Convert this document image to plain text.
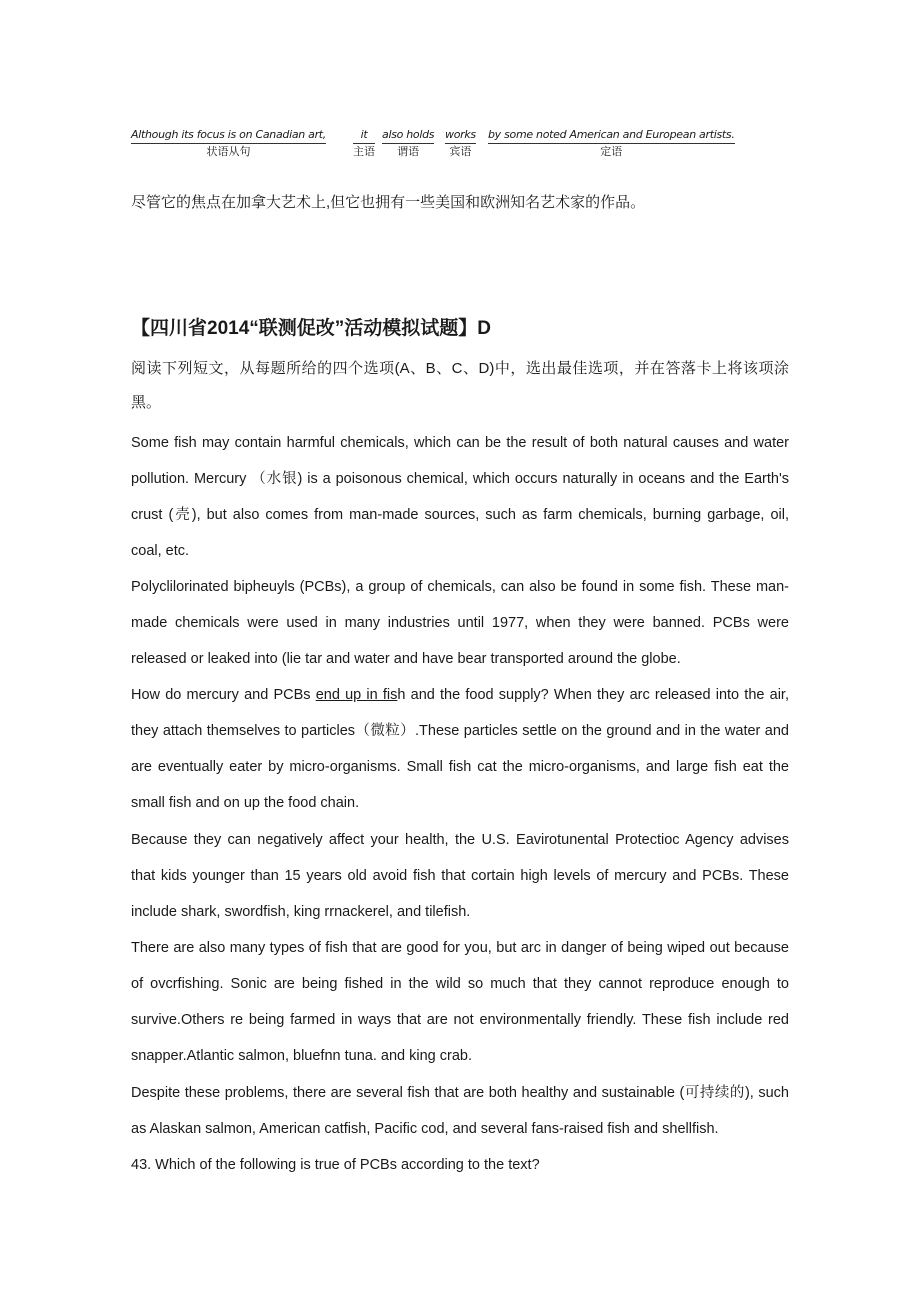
Although its focus is on Canadian art,
状语从句
it
主语
also holds
谓语
works
宾语
by some noted American and European artists.
定语
尽管它的焦点在加拿大艺术上,但它也拥有一些美国和欧洲知名艺术家的作品。
【四川省2014“联测促改”活动模拟试题】D

阅读下列短文，从每题所给的四个选项(A、B、C、D)中，选出最佳选项，并在答落卡上将该项涂黑。

Some fish may contain harmful chemicals, which can be the result of both natural causes and water pollution. Mercury （水银) is a poisonous chemical, which occurs naturally in oceans and the Earth's crust (壳), but also comes from man-made sources, such as farm chemicals, burning garbage, oil, coal, etc.

Polyclilorinated bipheuyls (PCBs), a group of chemicals, can also be found in some fish. These man-made chemicals were used in many industries until 1977, when they were banned. PCBs were released or leaked into (lie tar and water and have bear transported around the globe.

How do mercury and PCBs end up in fish and the food supply? When they arc released into the air, they attach themselves to particles（微粒）.These particles settle on the ground and in the water and are eventually eater by micro-organisms. Small fish cat the micro-organisms, and large fish eat the small fish and on up the food chain.

Because they can negatively affect your health, the U.S. Eavirotunental Protectioc Agency advises that kids younger than 15 years old avoid fish that cortain high levels of mercury and PCBs. These include shark, swordfish, king rrnackerel, and tilefish.

There are also many types of fish that are good for you, but arc in danger of being wiped out because of ovcrfishing. Sonic are being fished in the wild so much that they cannot reproduce enough to survive.Others re being farmed in ways that are not environmentally friendly. These fish include red snapper.Atlantic salmon, bluefnn tuna. and king crab.

Despite these problems, there are several fish that are both healthy and sustainable (可持续的), such as Alaskan salmon, American catfish, Pacific cod, and several fans-raised fish and shellfish.

43. Which of the following is true of PCBs according to the text?
